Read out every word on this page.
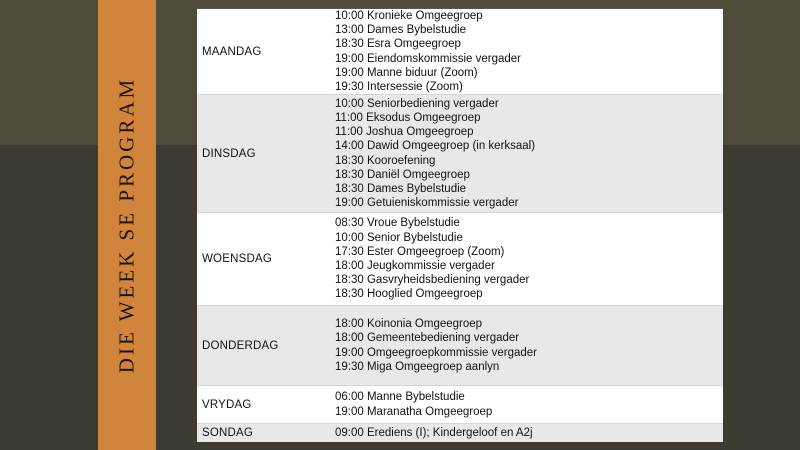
DIE WEEK SE PROGRAM
MAANDAG
10:00 Kronieke Omgeegroep
13:00 Dames Bybelstudie
18:30 Esra Omgeegroep
19:00 Eiendomskommissie vergader
19:00 Manne biduur (Zoom)
19:30 Intersessie (Zoom)
DINSDAG
10:00 Seniorbediening vergader
11:00 Eksodus Omgeegroep
11:00 Joshua Omgeegroep
14:00 Dawid Omgeegroep (in kerksaal)
18:30 Kooroefening
18:30 Daniël Omgeegroep
18:30 Dames Bybelstudie
19:00 Getuieniskommissie vergader
WOENSDAG
08:30 Vroue Bybelstudie
10:00 Senior Bybelstudie
17:30 Ester Omgeegroep (Zoom)
18:00 Jeugkommissie vergader
18:30 Gasvryheidsbediening vergader
18:30 Hooglied Omgeegroep
DONDERDAG
18:00 Koinonia Omgeegroep
18:00 Gemeentebediening vergader
19:00 Omgeegroepkommissie vergader
19:30 Miga Omgeegroep aanlyn
VRYDAG
06:00 Manne Bybelstudie
19:00 Maranatha Omgeegroep
SONDAG	09:00 Erediens (I); Kindergeloof en A2j
